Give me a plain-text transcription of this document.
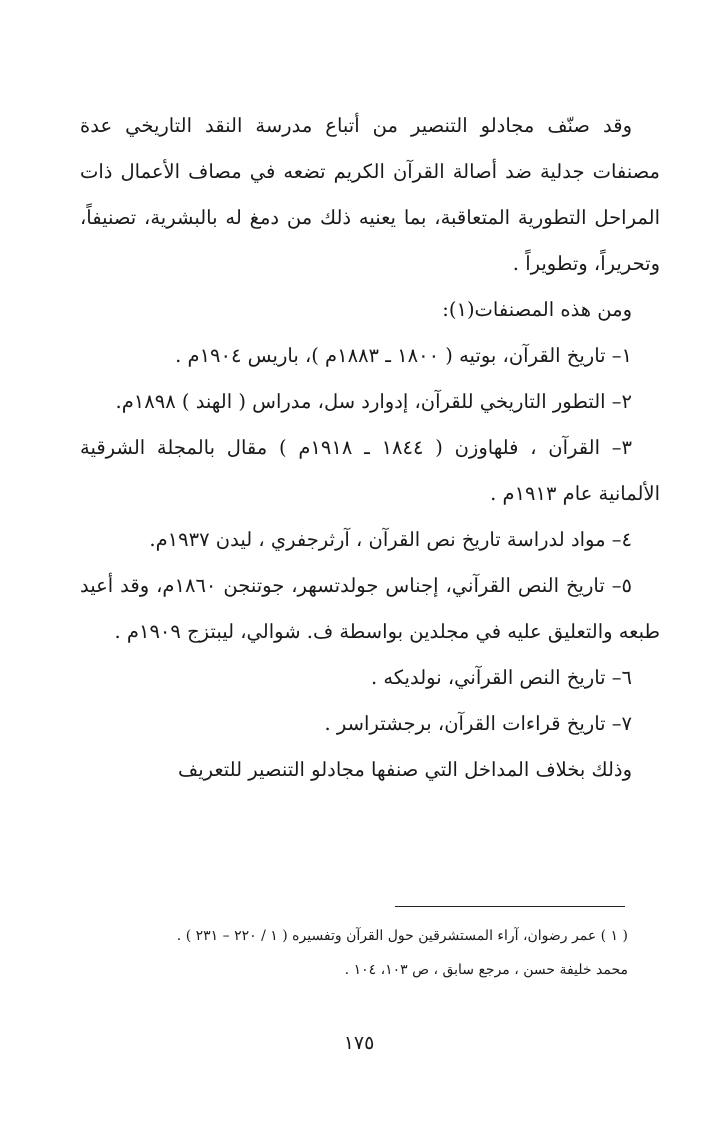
وقد صنّف مجادلو التنصير من أتباع مدرسة النقد التاريخي عدة مصنفات جدلية ضد أصالة القرآن الكريم تضعه في مصاف الأعمال ذات المراحل التطورية المتعاقبة، بما يعنيه ذلك من دمغ له بالبشرية، تصنيفاً، وتحريراً، وتطويراً .

ومن هذه المصنفات(١):

١– تاريخ القرآن، بوتيه ( ١٨٠٠ ـ ١٨٨٣م )، باريس ١٩٠٤م .

٢– التطور التاريخي للقرآن، إدوارد سل، مدراس ( الهند ) ١٨٩٨م.

٣– القرآن ، فلهاوزن ( ١٨٤٤ ـ ١٩١٨م ) مقال بالمجلة الشرقية الألمانية عام ١٩١٣م .

٤– مواد لدراسة تاريخ نص القرآن ، آرثرجفري ، ليدن ١٩٣٧م.

٥– تاريخ النص القرآني، إجناس جولدتسهر، جوتنجن ١٨٦٠م، وقد أعيد طبعه والتعليق عليه في مجلدين بواسطة ف. شوالي، ليبتزج ١٩٠٩م .

٦– تاريخ النص القرآني، نولديكه .

٧– تاريخ قراءات القرآن، برجشتراسر .

وذلك بخلاف المداخل التي صنفها مجادلو التنصير للتعريف

( ١ ) عمر رضوان، آراء المستشرقين حول القرآن وتفسيره ( ١ / ٢٢٠ – ٢٣١ ) .

محمد خليفة حسن ، مرجع سابق ، ص ١٠٣، ١٠٤ .

١٧٥
